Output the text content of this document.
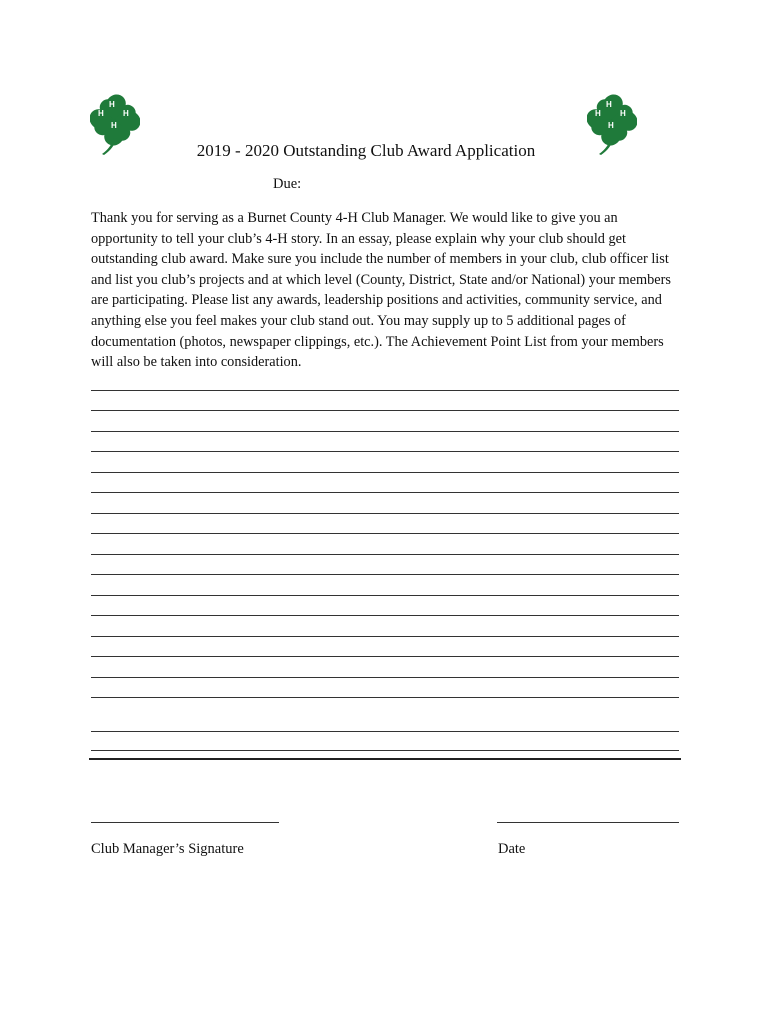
H
H
H
H
H
H
H
H
2019 - 2020 Outstanding Club Award Application
Due:

Thank you for serving as a Burnet County 4-H Club Manager. We would like to give you an opportunity to tell your club’s 4-H story. In an essay, please explain why your club should get outstanding club award. Make sure you include the number of members in your club, club officer list and list you club’s projects and at which level (County, District, State and/or National) your members are participating. Please list any awards, leadership positions and activities, community service, and anything else you feel makes your club stand out. You may supply up to 5 additional pages of documentation (photos, newspaper clippings, etc.). The Achievement Point List from your members will also be taken into consideration.

Club Manager’s Signature	Date
